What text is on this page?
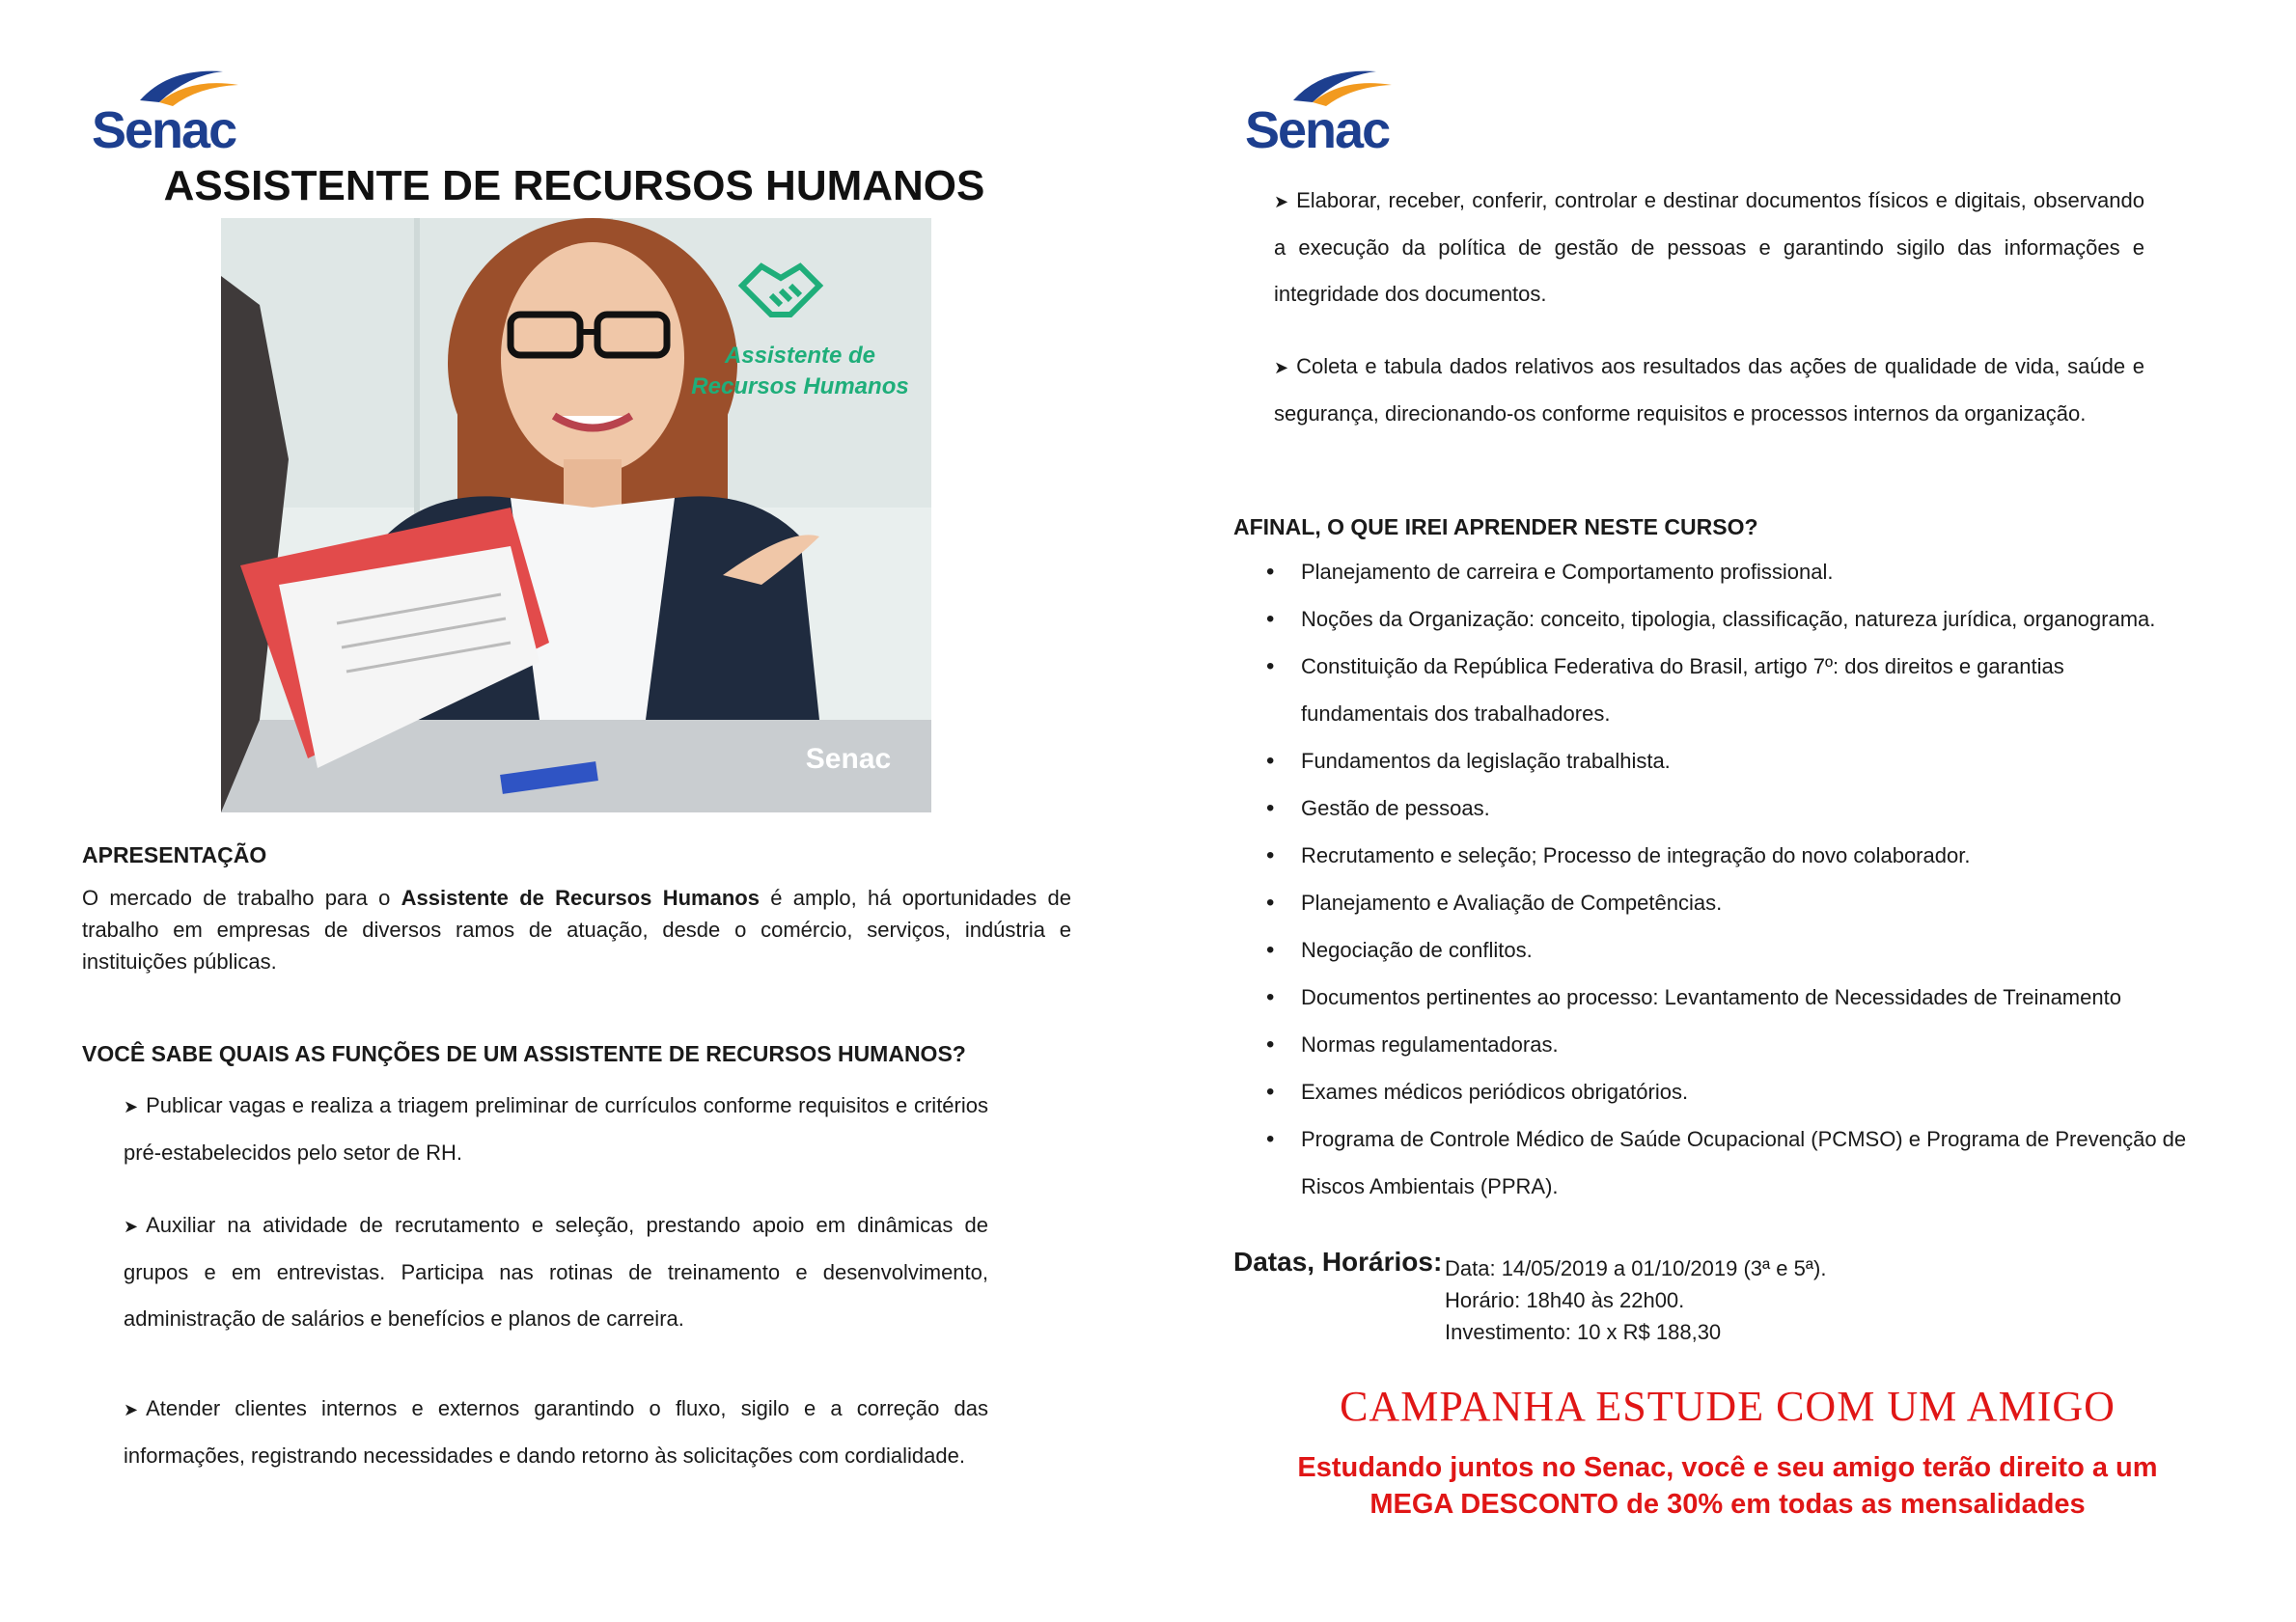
Senac	Senac
ASSISTENTE DE RECURSOS HUMANOS
Assistente de
Recursos Humanos
Senac
APRESENTAÇÃO
O mercado de trabalho para o Assistente de Recursos Humanos é amplo, há oportunidades de trabalho em empresas de diversos ramos de atuação, desde o comércio, serviços, indústria e instituições públicas.
VOCÊ SABE QUAIS AS FUNÇÕES DE UM ASSISTENTE DE RECURSOS HUMANOS?
➤ Publicar vagas e realiza a triagem preliminar de currículos conforme requisitos e critérios pré-estabelecidos pelo setor de RH.
➤ Auxiliar na atividade de recrutamento e seleção, prestando apoio em dinâmicas de grupos e em entrevistas. Participa nas rotinas de treinamento e desenvolvimento, administração de salários e benefícios e planos de carreira.
➤ Atender clientes internos e externos garantindo o fluxo, sigilo e a correção das informações, registrando necessidades e dando retorno às solicitações com cordialidade.
➤ Elaborar, receber, conferir, controlar e destinar documentos físicos e digitais, observando a execução da política de gestão de pessoas e garantindo sigilo das informações e integridade dos documentos.
➤ Coleta e tabula dados relativos aos resultados das ações de qualidade de vida, saúde e segurança, direcionando-os conforme requisitos e processos internos da organização.
AFINAL, O QUE IREI APRENDER NESTE CURSO?
• Planejamento de carreira e Comportamento profissional.
• Noções da Organização: conceito, tipologia, classificação, natureza jurídica, organograma.
• Constituição da República Federativa do Brasil, artigo 7º: dos direitos e garantias fundamentais dos trabalhadores.
• Fundamentos da legislação trabalhista.
• Gestão de pessoas.
• Recrutamento e seleção; Processo de integração do novo colaborador.
• Planejamento e Avaliação de Competências.
• Negociação de conflitos.
• Documentos pertinentes ao processo: Levantamento de Necessidades de Treinamento
• Normas regulamentadoras.
• Exames médicos periódicos obrigatórios.
• Programa de Controle Médico de Saúde Ocupacional (PCMSO) e Programa de Prevenção de Riscos Ambientais (PPRA).
Datas, Horários: Data: 14/05/2019 a 01/10/2019 (3ª e 5ª).
Horário: 18h40 às 22h00.
Investimento: 10 x R$ 188,30
CAMPANHA ESTUDE COM UM AMIGO
Estudando juntos no Senac, você e seu amigo terão direito a um
MEGA DESCONTO de 30% em todas as mensalidades
